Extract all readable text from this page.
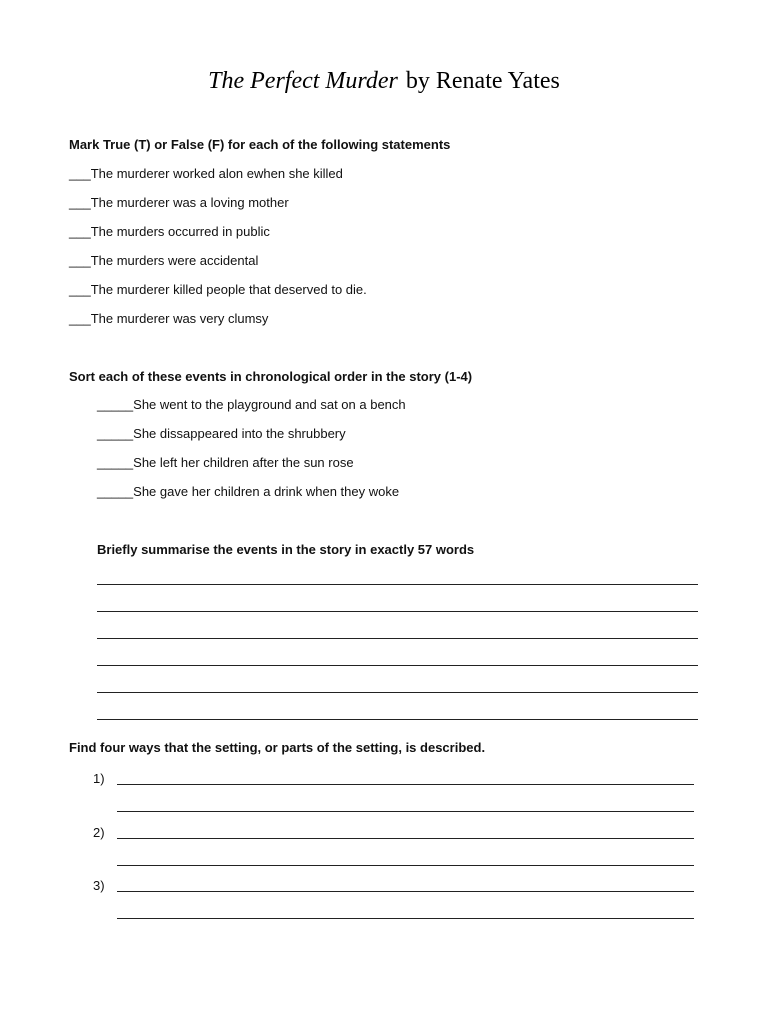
The Perfect Murder by Renate Yates
Mark True (T) or False (F) for each of the following statements
___The murderer worked alon ewhen she killed
___The murderer was a loving mother
___The murders occurred in public
___The murders were accidental
___The murderer killed people that deserved to die.
___The murderer was very clumsy
Sort each of these events in chronological order in the story (1-4)
_____She went to the playground and sat on a bench
_____She dissappeared into the shrubbery
_____She left her children after the sun rose
_____She gave her children a drink when they woke
Briefly summarise the events in the story in exactly 57 words
Find four ways that the setting, or parts of the setting, is described.
1)
2)
3)
